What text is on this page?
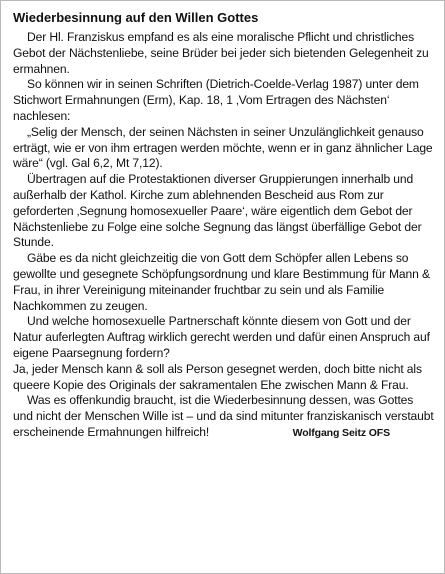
Wiederbesinnung auf den Willen Gottes

Der Hl. Franziskus empfand es als eine moralische Pflicht und christliches Gebot der Nächstenliebe, seine Brüder bei jeder sich bietenden Gelegenheit zu ermahnen.

So können wir in seinen Schriften (Dietrich-Coelde-Verlag 1987) unter dem Stichwort Ermahnungen (Erm), Kap. 18, 1 ‚Vom Ertragen des Nächsten‘ nachlesen:

„Selig der Mensch, der seinen Nächsten in seiner Unzulänglichkeit genauso erträgt, wie er von ihm ertragen werden möchte, wenn er in ganz ähnlicher Lage wäre“ (vgl. Gal 6,2, Mt 7,12).

Übertragen auf die Protestaktionen diverser Gruppierungen innerhalb und außerhalb der Kathol. Kirche zum ablehnenden Bescheid aus Rom zur geforderten ‚Segnung homosexueller Paare‘, wäre eigentlich dem Gebot der Nächstenliebe zu Folge eine solche Segnung das längst überfällige Gebot der Stunde.

Gäbe es da nicht gleichzeitig die von Gott dem Schöpfer allen Lebens so gewollte und gesegnete Schöpfungsordnung und klare Bestimmung für Mann & Frau, in ihrer Vereinigung miteinander fruchtbar zu sein und als Familie Nachkommen zu zeugen.

Und welche homosexuelle Partnerschaft könnte diesem von Gott und der Natur auferlegten Auftrag wirklich gerecht werden und dafür einen Anspruch auf eigene Paarsegnung fordern?

Ja, jeder Mensch kann & soll als Person gesegnet werden, doch bitte nicht als queere Kopie des Originals der sakramentalen Ehe zwischen Mann & Frau.

Was es offenkundig braucht, ist die Wiederbesinnung dessen, was Gottes und nicht der Menschen Wille ist – und da sind mitunter franziskanisch verstaubt erscheinende Ermahnungen hilfreich!	Wolfgang Seitz OFS
